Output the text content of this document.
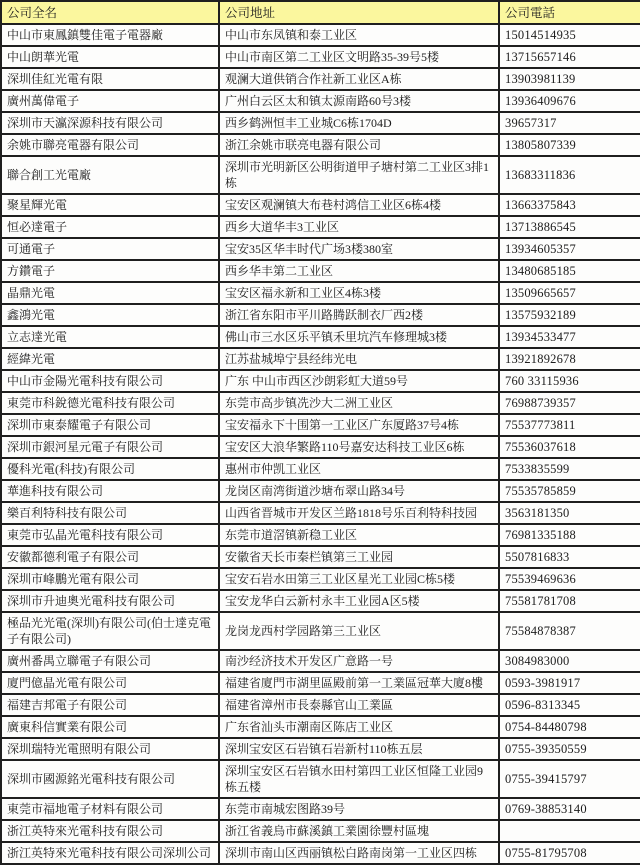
公司全名	公司地址	公司電話
中山市東鳳鎮雙佳電子電器廠	中山市东凤镇和泰工业区	15014514935
中山朗華光電	中山市南区第二工业区文明路35-39号5楼	13715657146
深圳佳紅光電有限	观澜大道供销合作社新工业区A栋	13903981139
廣州萬偉電子	广州白云区太和镇太源南路60号3楼	13936409676
深圳市天瀛深源科技有限公司	西乡鹤洲恒丰工业城C6栋1704D	39657317
余姚市聯亮電器有限公司	浙江余姚市联亮电器有限公司	13805807339
聯合創工光電廠	深圳市光明新区公明街道甲子塘村第二工业区3排1栋	13683311836
聚星輝光電	宝安区观澜镇大布巷村鸿信工业区6栋4楼	13663375843
恒必達電子	西乡大道华丰3工业区	13713886545
可通電子	宝安35区华丰时代广场3楼380室	13934605357
方鑽電子	西乡华丰第二工业区	13480685185
晶鼎光電	宝安区福永新和工业区4栋3楼	13509665657
鑫鴻光電	浙江省东阳市平川路腾跃制衣厂西2楼	13575932189
立志達光電	佛山市三水区乐平镇禾里坑汽车修理城3楼	13934533477
經緯光電	江苏盐城埠宁县经纬光电	13921892678
中山市金陽光電科技有限公司	广东 中山市西区沙朗彩虹大道59号	760 33115936
東莞市科銳德光電科技有限公司	东莞市高步镇冼沙大二洲工业区	76988739357
深圳市東泰耀電子有限公司	宝安福永下十围第一工业区广东厦路37号4栋	75537773811
深圳市銀河星元電子有限公司	宝安区大浪华繁路110号嘉安达科技工业区6栋	75536037618
優科光電(科技)有限公司	惠州市仲凯工业区	7533835599
華進科技有限公司	龙岗区南湾街道沙塘布翠山路34号	75535785859
樂百利特科技有限公司	山西省晋城市开发区兰路1818号乐百利特科技园	3563181350
東莞市弘晶光電科技有限公司	东莞市道滘镇新稳工业区	76981335188
安徽都德利電子有限公司	安徽省天长市秦栏镇第三工业园	5507816833
深圳市峰鵬光電有限公司	宝安石岩水田第三工业区星光工业园C栋5楼	75539469636
深圳市升迪奧光電科技有限公司	宝安龙华白云新村永丰工业园A区5楼	75581781708
極品光光電(深圳)有限公司(伯士達克電子有限公司)	龙岗龙西村学园路第三工业区	75584878387
廣州番禺立聯電子有限公司	南沙经济技术开发区广意路一号	3084983000
廈門億晶光電有限公司	福建省廈門市湖里區殿前第一工業區冠華大廈8樓	0593-3981917
福建吉邦電子有限公司	福建省漳州市長泰縣官山工業區	0596-8313345
廣東科信實業有限公司	广东省汕头市潮南区陈店工业区	0754-84480798
深圳瑞特光電照明有限公司	深圳宝安区石岩镇石岩新村110栋五层	0755-39350559
深圳市國源銘光電科技有限公司	深圳宝安区石岩镇水田村第四工业区恒隆工业园9栋五楼	0755-39415797
東莞市福地電子材料有限公司	东莞市南城宏图路39号	0769-38853140
浙江英特來光電科技有限公司	浙江省義烏市蘇溪鎮工業園徐豐村區塊	
浙江英特來光電科技有限公司深圳公司	深圳市南山区西丽镇松白路南岗第一工业区四栋	0755-81795708
